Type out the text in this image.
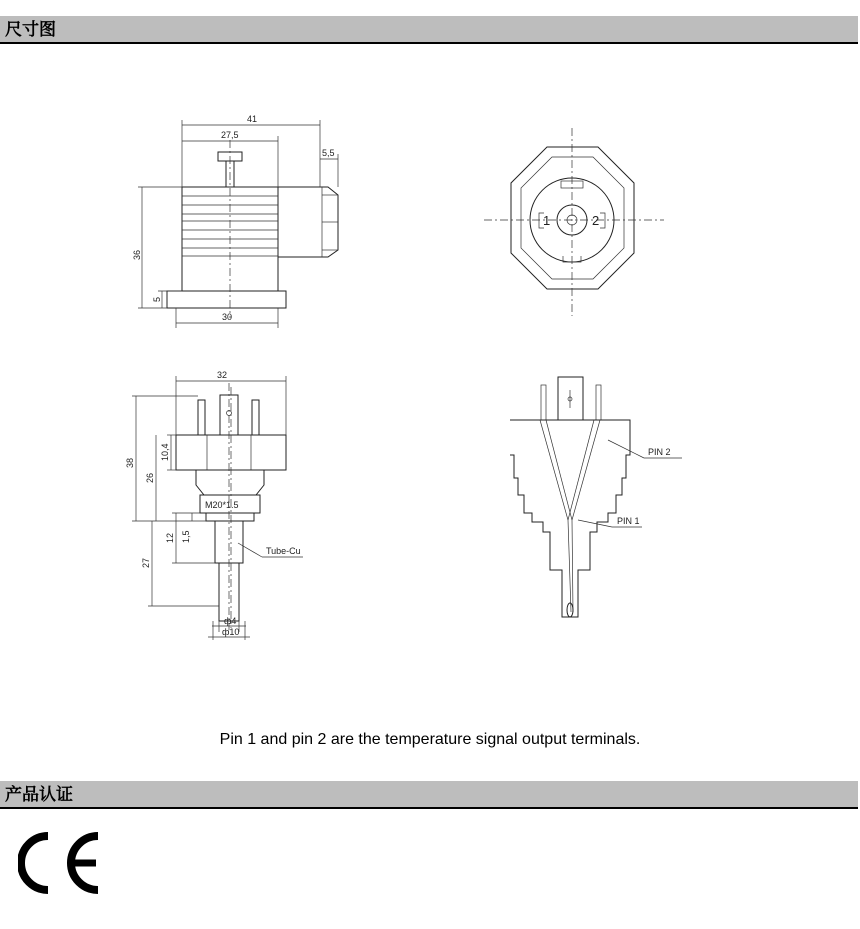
尺寸图
41
27,5
5,5
36
5
30
1	2
M20*1.5
32
38
10,4
26
12 1,5
27
Tube-Cu
ф4
ф10
PIN 2
PIN 1
Pin 1 and pin 2 are the temperature signal output terminals.
产品认证
